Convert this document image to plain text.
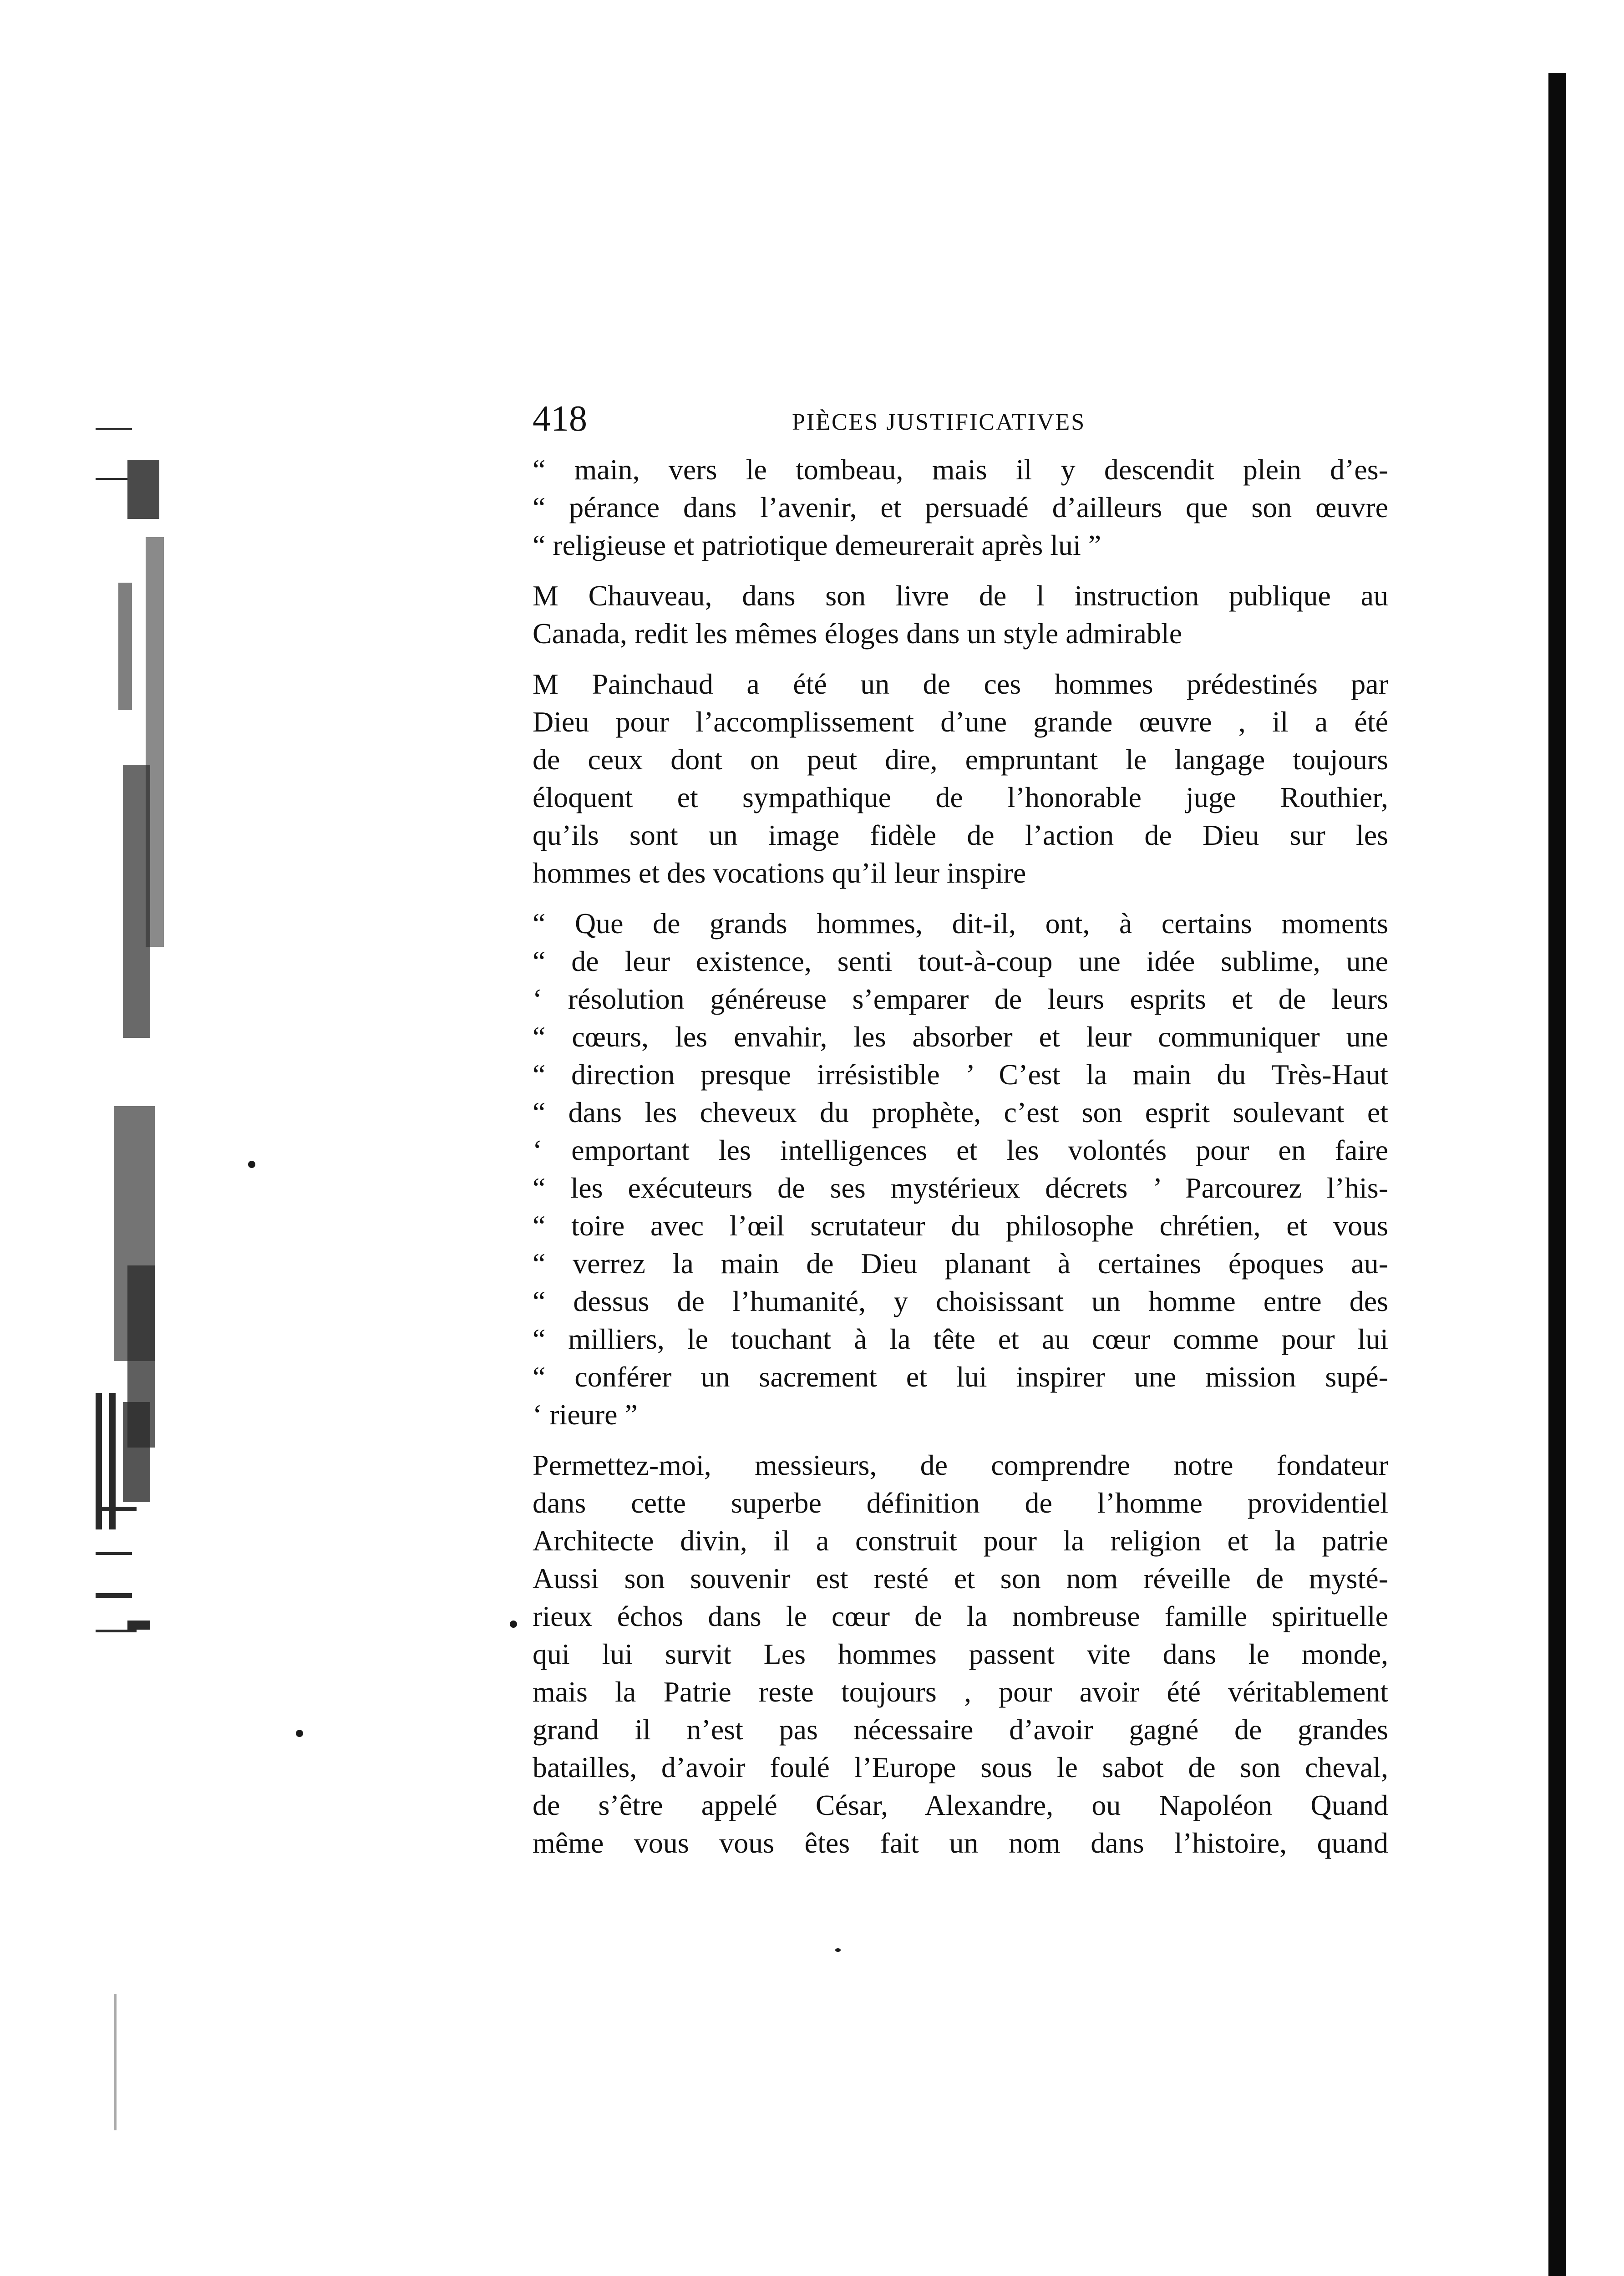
418	PIÈCES JUSTIFICATIVES
“ main, vers le tombeau, mais il y descendit plein d’es-
“ pérance dans l’avenir, et persuadé d’ailleurs que son œuvre
“ religieuse et patriotique demeurerait après lui ”
M Chauveau, dans son livre de l instruction publique au
Canada, redit les mêmes éloges dans un style admirable
M Painchaud a été un de ces hommes prédestinés par
Dieu pour l’accomplissement d’une grande œuvre , il a été
de ceux dont on peut dire, empruntant le langage toujours
éloquent et sympathique de l’honorable juge Routhier,
qu’ils sont un image fidèle de l’action de Dieu sur les
hommes et des vocations qu’il leur inspire
“ Que de grands hommes, dit-il, ont, à certains moments
“ de leur existence, senti tout-à-coup une idée sublime, une
‘ résolution généreuse s’emparer de leurs esprits et de leurs
“ cœurs, les envahir, les absorber et leur communiquer une
“ direction presque irrésistible ’ C’est la main du Très-Haut
“ dans les cheveux du prophète, c’est son esprit soulevant et
‘ emportant les intelligences et les volontés pour en faire
“ les exécuteurs de ses mystérieux décrets ’ Parcourez l’his-
“ toire avec l’œil scrutateur du philosophe chrétien, et vous
“ verrez la main de Dieu planant à certaines époques au-
“ dessus de l’humanité, y choisissant un homme entre des
“ milliers, le touchant à la tête et au cœur comme pour lui
“ conférer un sacrement et lui inspirer une mission supé-
‘ rieure ”
Permettez-moi, messieurs, de comprendre notre fondateur
dans cette superbe définition de l’homme providentiel
Architecte divin, il a construit pour la religion et la patrie
Aussi son souvenir est resté et son nom réveille de mysté-
rieux échos dans le cœur de la nombreuse famille spirituelle
qui lui survit Les hommes passent vite dans le monde,
mais la Patrie reste toujours , pour avoir été véritablement
grand il n’est pas nécessaire d’avoir gagné de grandes
batailles, d’avoir foulé l’Europe sous le sabot de son cheval,
de s’être appelé César, Alexandre, ou Napoléon Quand
même vous vous êtes fait un nom dans l’histoire, quand
